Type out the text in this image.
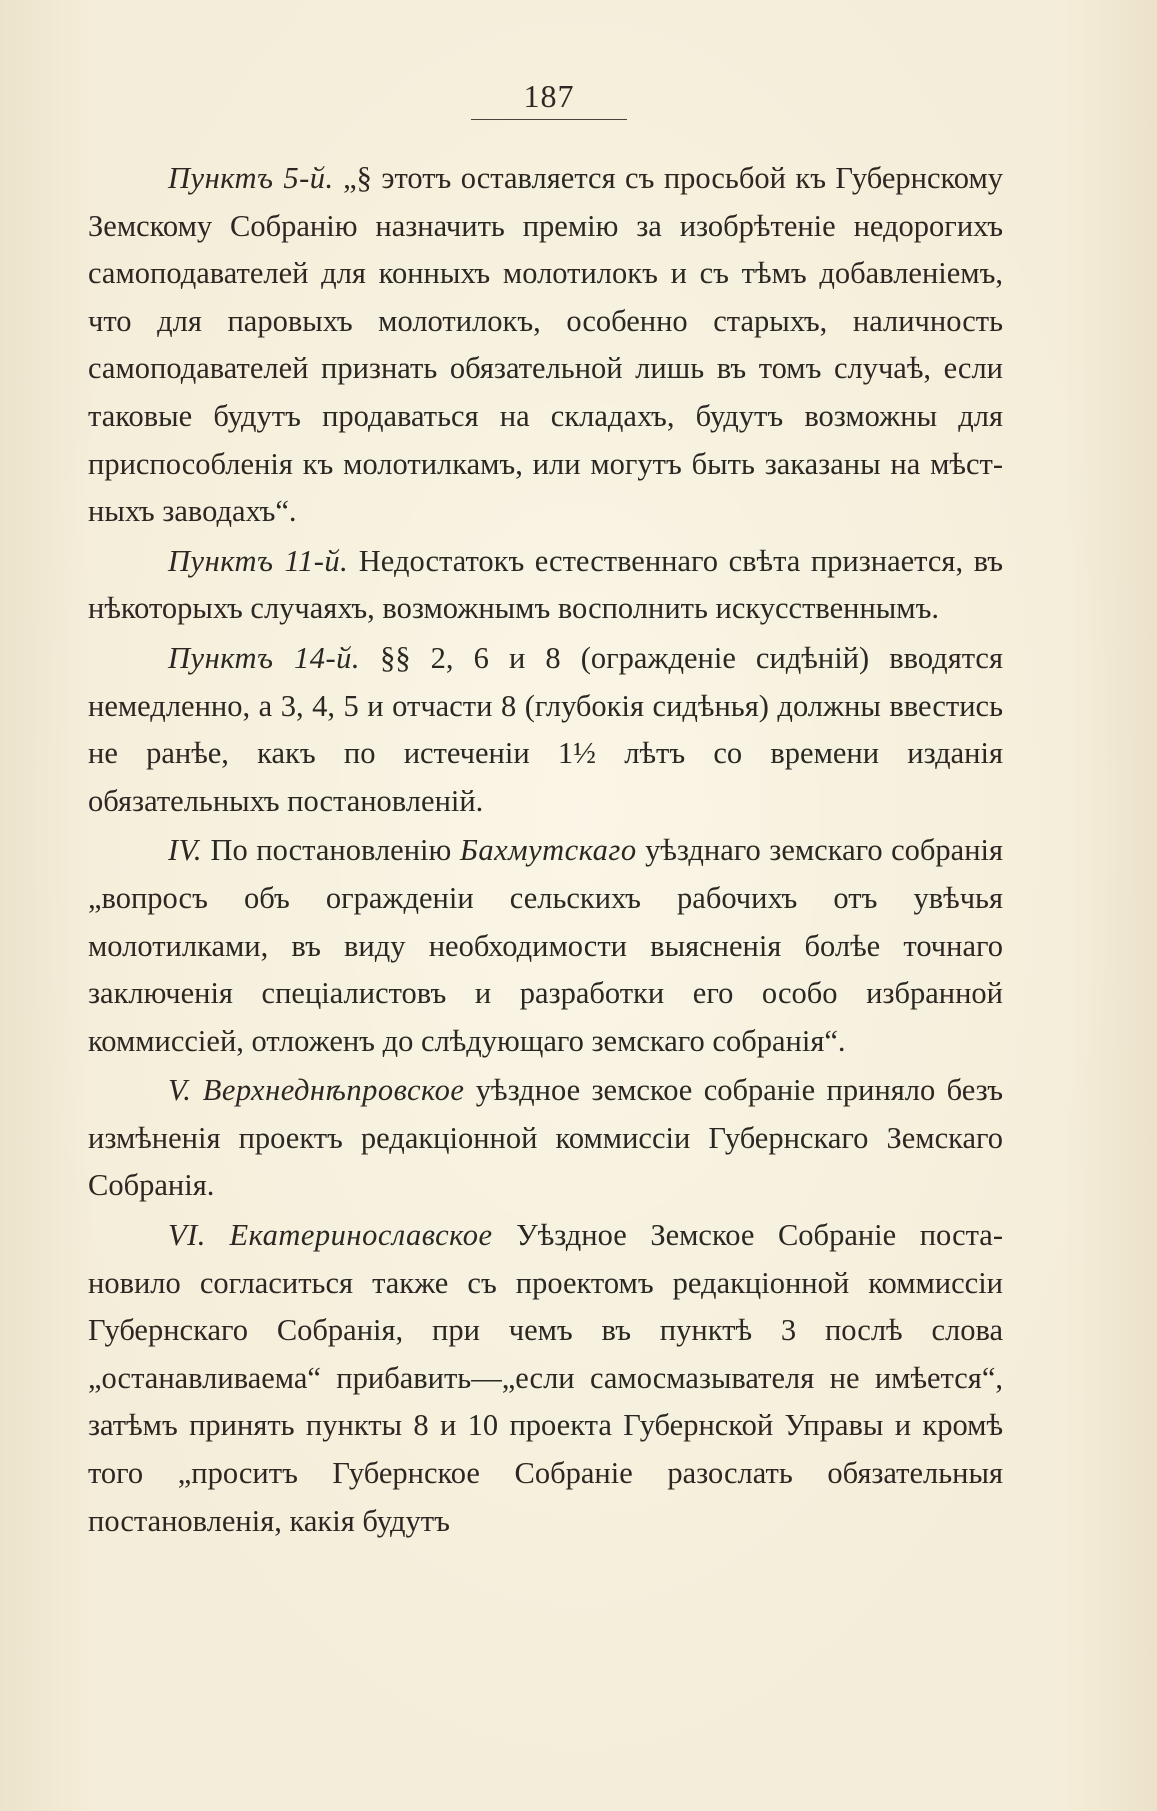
187

Пунктъ 5-й. „§ этотъ оставляется съ просьбой къ Губернскому Земскому Собранію назначить премію за изобрѣтеніе недорогихъ самоподавателей для конныхъ молотилокъ и съ тѣмъ добавленіемъ, что для паровыхъ молотилокъ, особенно старыхъ, наличность самоподавателей признать обязательной лишь въ томъ случаѣ, если таковые будутъ продаваться на складахъ, будутъ возможны для приспособленія къ молотилкамъ, или могутъ быть заказаны на мѣстныхъ заводахъ“.

Пунктъ 11-й. Недостатокъ естественнаго свѣта признается, въ нѣкоторыхъ случаяхъ, возможнымъ восполнить искусственнымъ.

Пунктъ 14-й. §§ 2, 6 и 8 (огражденіе сидѣній) вводятся немедленно, а 3, 4, 5 и отчасти 8 (глубокія сидѣнья) должны ввестись не ранѣе, какъ по истеченіи 1½ лѣтъ со времени изданія обязательныхъ постановленій.

IV. По постановленію Бахмутскаго уѣзднаго земскаго собранія „вопросъ объ огражденіи сельскихъ рабочихъ отъ увѣчья молотилками, въ виду необходимости выясненія болѣе точнаго заключенія спеціалистовъ и разработки его особо избранной коммиссіей, отложенъ до слѣдующаго земскаго собранія“.

V. Верхнеднѣпровское уѣздное земское собраніе приняло безъ измѣненія проектъ редакціонной коммиссіи Губернскаго Земскаго Собранія.

VI. Екатеринославское Уѣздное Земское Собраніе постановило согласиться также съ проектомъ редакціонной коммиссіи Губернскаго Собранія, при чемъ въ пунктѣ 3 послѣ слова „останавливаема“ прибавить—„если самосмазывателя не имѣется“, затѣмъ принять пункты 8 и 10 проекта Губернской Управы и кромѣ того „проситъ Губернское Собраніе разослать обязательныя постановленія, какія будутъ
